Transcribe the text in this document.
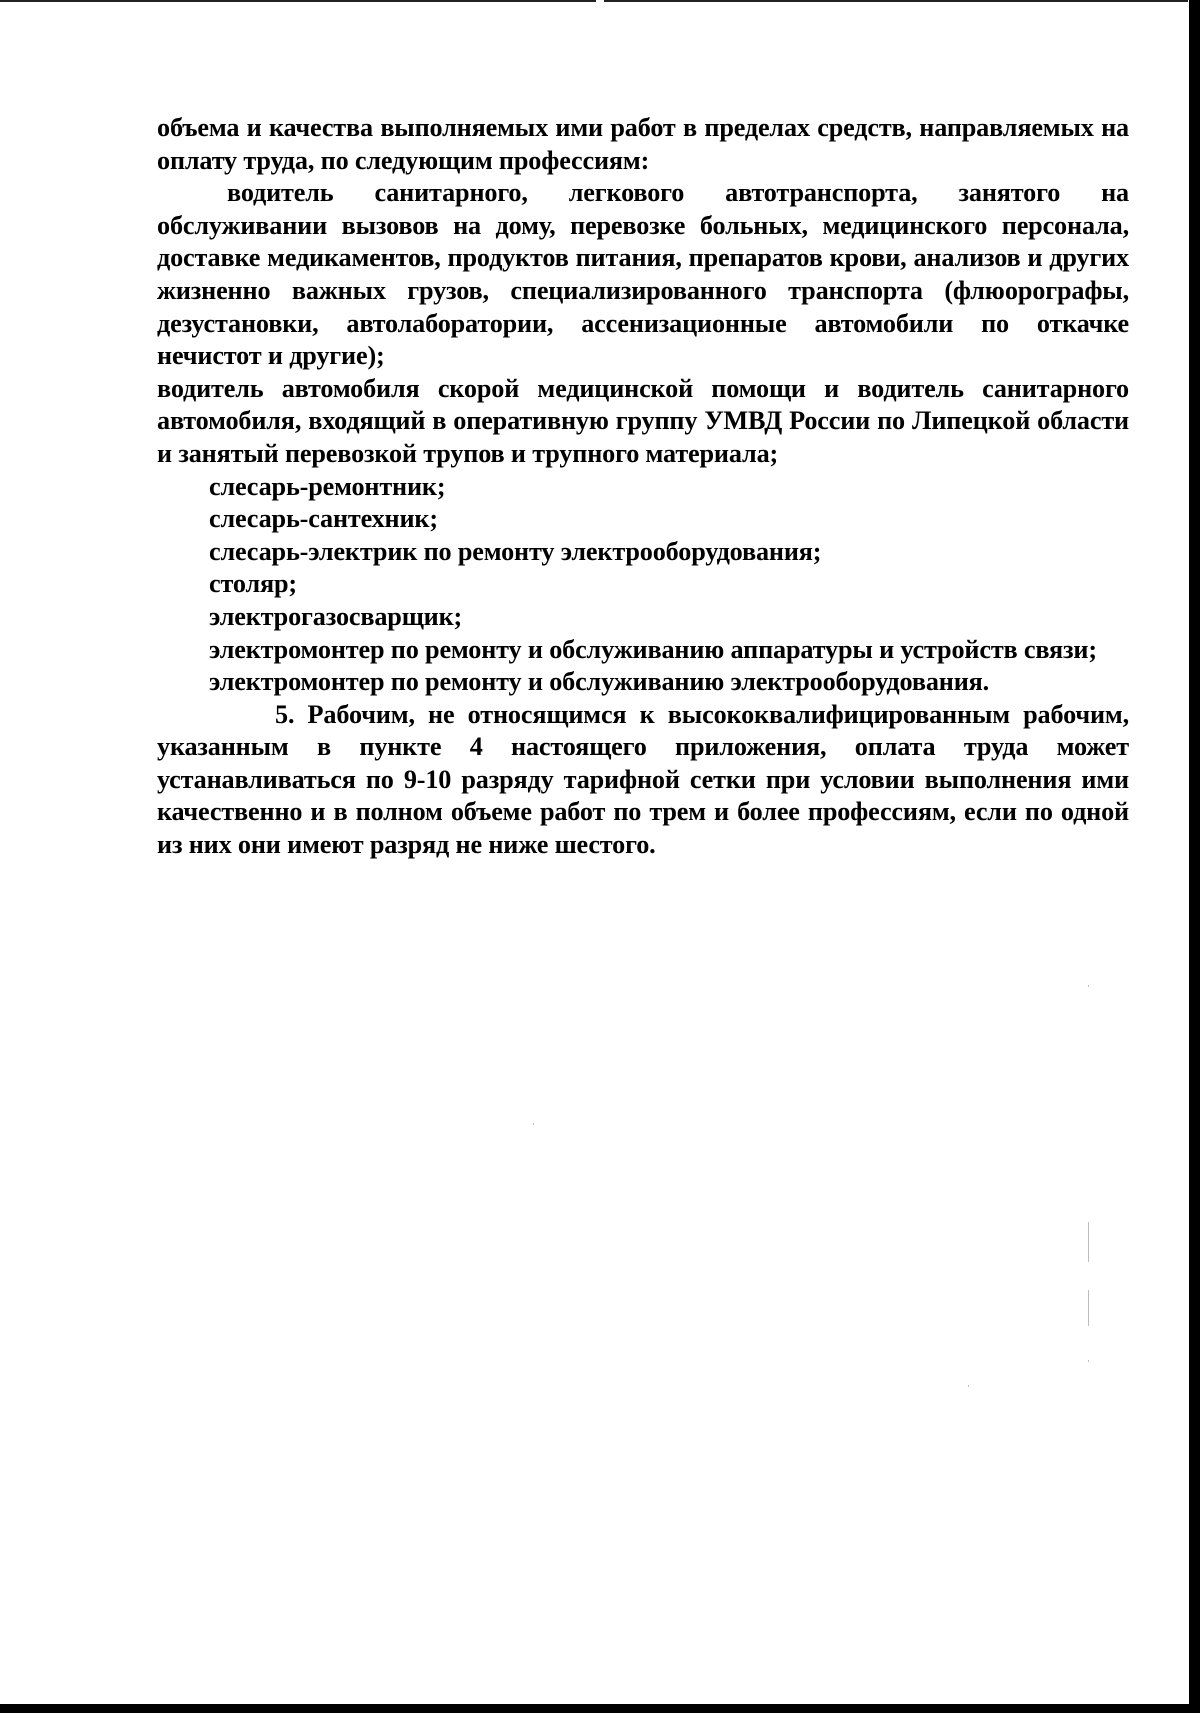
объема и качества выполняемых ими работ в пределах средств, направляемых на оплату труда, по следующим профессиям:

водитель санитарного, легкового автотранспорта, занятого на обслуживании вызовов на дому, перевозке больных, медицинского персонала, доставке медикаментов, продуктов питания, препаратов крови, анализов и других жизненно важных грузов, специализированного транспорта (флюорографы, дезустановки, автолаборатории, ассенизационные автомобили по откачке нечистот и другие);

водитель автомобиля скорой медицинской помощи и водитель санитарного автомобиля, входящий в оперативную группу УМВД России по Липецкой области и занятый перевозкой трупов и трупного материала;

слесарь-ремонтник;

слесарь-сантехник;

слесарь-электрик по ремонту электрооборудования;

столяр;

электрогазосварщик;

электромонтер по ремонту и обслуживанию аппаратуры и устройств связи;

электромонтер по ремонту и обслуживанию электрооборудования.

5. Рабочим, не относящимся к высококвалифицированным рабочим, указанным в пункте 4 настоящего приложения, оплата труда может устанавливаться по 9-10 разряду тарифной сетки при условии выполнения ими качественно и в полном объеме работ по трем и более профессиям, если по одной из них они имеют разряд не ниже шестого.
